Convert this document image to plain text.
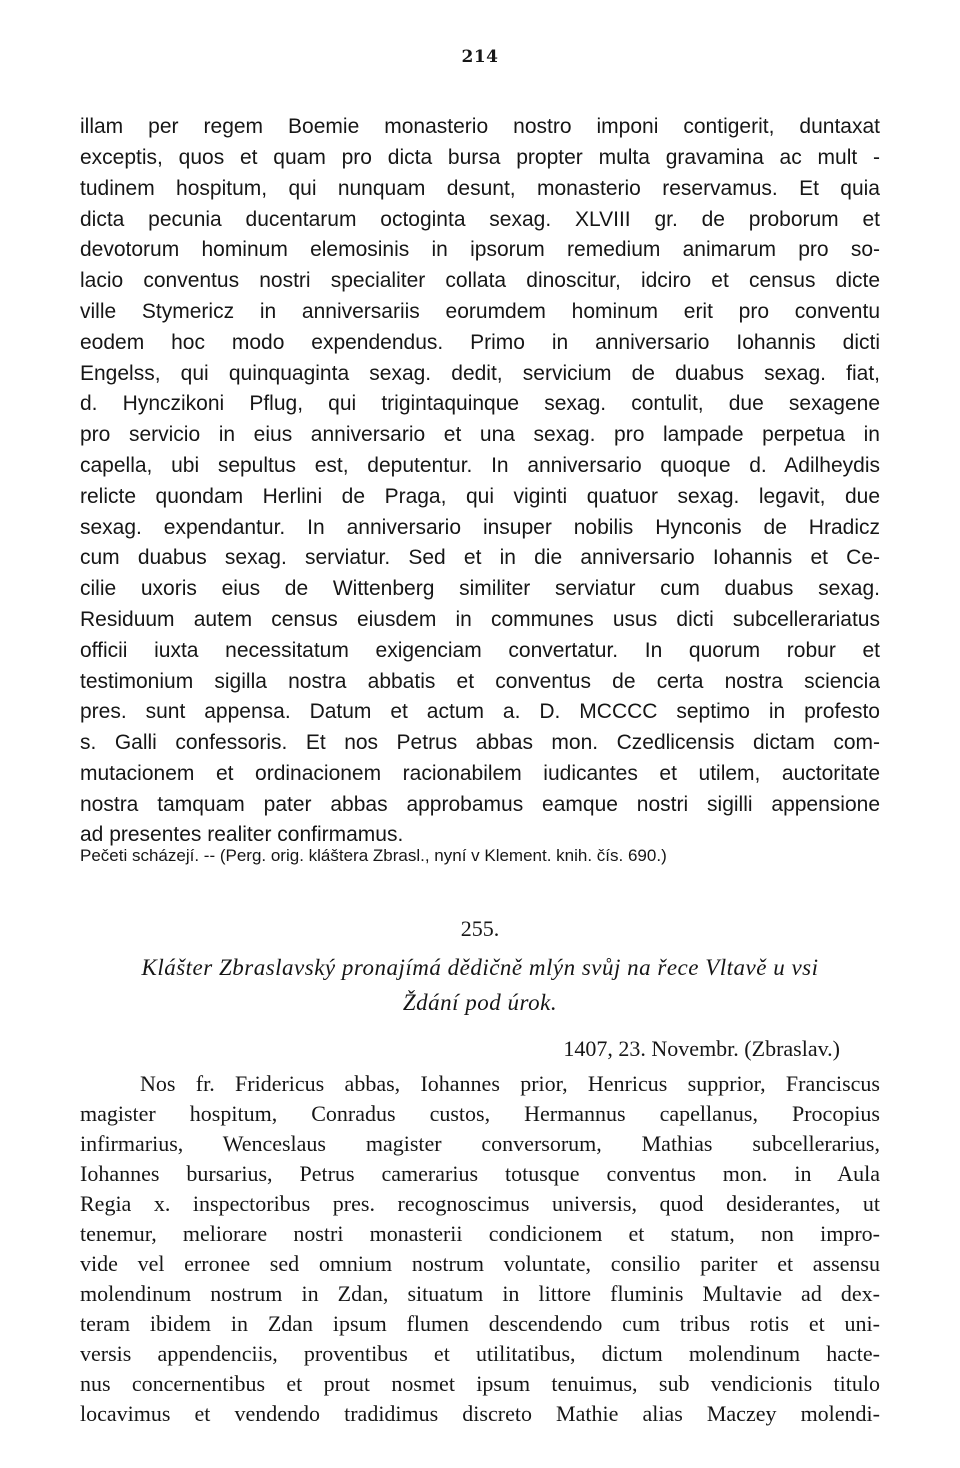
214
illam per regem Boemie monasterio nostro imponi contigerit, duntaxat
exceptis, quos et quam pro dicta bursa propter multa gravamina ac mult -
tudinem hospitum, qui nunquam desunt, monasterio reservamus. Et quia
dicta pecunia ducentarum octoginta sexag. XLVIII gr. de proborum et
devotorum hominum elemosinis in ipsorum remedium animarum pro so-
lacio conventus nostri specialiter collata dinoscitur, idciro et census dicte
ville Stymericz in anniversariis eorumdem hominum erit pro conventu
eodem hoc modo expendendus. Primo in anniversario Iohannis dicti
Engelss, qui quinquaginta sexag. dedit, servicium de duabus sexag. fiat,
d. Hynczikoni Pflug, qui trigintaquinque sexag. contulit, due sexagene
pro servicio in eius anniversario et una sexag. pro lampade perpetua in
capella, ubi sepultus est, deputentur. In anniversario quoque d. Adilheydis
relicte quondam Herlini de Praga, qui viginti quatuor sexag. legavit, due
sexag. expendantur. In anniversario insuper nobilis Hynconis de Hradicz
cum duabus sexag. serviatur. Sed et in die anniversario Iohannis et Ce-
cilie uxoris eius de Wittenberg similiter serviatur cum duabus sexag.
Residuum autem census eiusdem in communes usus dicti subcellerariatus
officii iuxta necessitatum exigenciam convertatur. In quorum robur et
testimonium sigilla nostra abbatis et conventus de certa nostra sciencia
pres. sunt appensa. Datum et actum a. D. MCCCC septimo in profesto
s. Galli confessoris. Et nos Petrus abbas mon. Czedlicensis dictam com-
mutacionem et ordinacionem racionabilem iudicantes et utilem, auctoritate
nostra tamquam pater abbas approbamus eamque nostri sigilli appensione
ad presentes realiter confirmamus.
Pečeti scházejí. -- (Perg. orig. kláštera Zbrasl., nyní v Klement. knih. čís. 690.)
255.
Klášter Zbraslavský pronajímá dědičně mlýn svůj na řece Vltavě u vsi
Ždání pod úrok.
1407, 23. Novembr. (Zbraslav.)
Nos fr. Fridericus abbas, Iohannes prior, Henricus supprior, Franciscus
magister hospitum, Conradus custos, Hermannus capellanus, Procopius
infirmarius, Wenceslaus magister conversorum, Mathias subcellerarius,
Iohannes bursarius, Petrus camerarius totusque conventus mon. in Aula
Regia x. inspectoribus pres. recognoscimus universis, quod desiderantes, ut
tenemur, meliorare nostri monasterii condicionem et statum, non impro-
vide vel erronee sed omnium nostrum voluntate, consilio pariter et assensu
molendinum nostrum in Zdan, situatum in littore fluminis Multavie ad dex-
teram ibidem in Zdan ipsum flumen descendendo cum tribus rotis et uni-
versis appendenciis, proventibus et utilitatibus, dictum molendinum hacte-
nus concernentibus et prout nosmet ipsum tenuimus, sub vendicionis titulo
locavimus et vendendo tradidimus discreto Mathie alias Maczey molendi-
